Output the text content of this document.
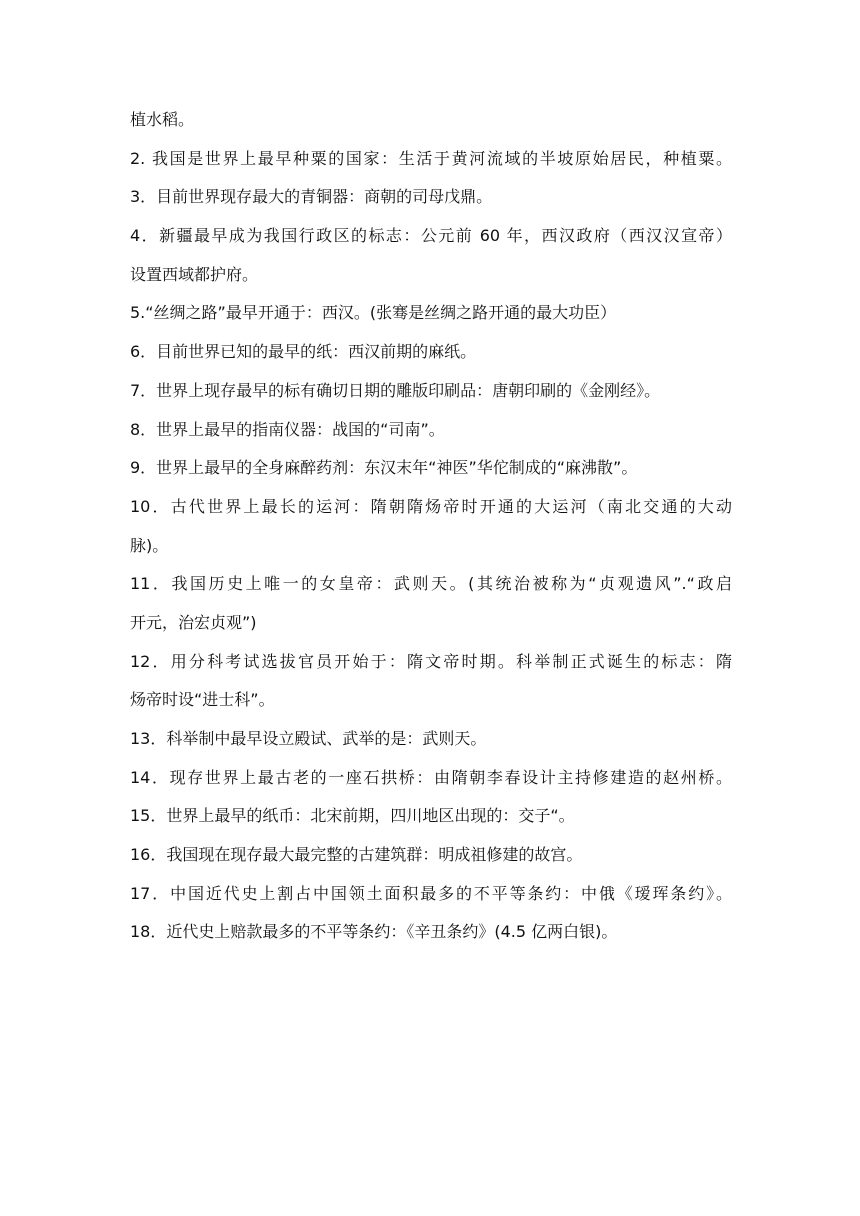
植水稻。
2. 我国是世界上最早种粟的国家：生活于黄河流域的半坡原始居民，种植粟。
3．目前世界现存最大的青铜器：商朝的司母戊鼎。
4．新疆最早成为我国行政区的标志：公元前 60 年，西汉政府（西汉汉宣帝）
设置西域都护府。
5.“丝绸之路”最早开通于：西汉。(张骞是丝绸之路开通的最大功臣）
6．目前世界已知的最早的纸：西汉前期的麻纸。
7．世界上现存最早的标有确切日期的雕版印刷品：唐朝印刷的《金刚经》。
8．世界上最早的指南仪器：战国的“司南”。
9．世界上最早的全身麻醉药剂：东汉末年“神医”华佗制成的“麻沸散”。
10．古代世界上最长的运河：隋朝隋炀帝时开通的大运河（南北交通的大动
脉)。
11．我国历史上唯一的女皇帝：武则天。(其统治被称为“贞观遗风”.“政启
开元，治宏贞观”)
12．用分科考试选拔官员开始于：隋文帝时期。科举制正式诞生的标志：隋
炀帝时设“进士科”。
13．科举制中最早设立殿试、武举的是：武则天。
14．现存世界上最古老的一座石拱桥：由隋朝李春设计主持修建造的赵州桥。
15．世界上最早的纸币：北宋前期，四川地区出现的：交子“。
16．我国现在现存最大最完整的古建筑群：明成祖修建的故宫。
17．中国近代史上割占中国领土面积最多的不平等条约：中俄《瑷珲条约》。
18．近代史上赔款最多的不平等条约：《辛丑条约》(4.5 亿两白银)。
